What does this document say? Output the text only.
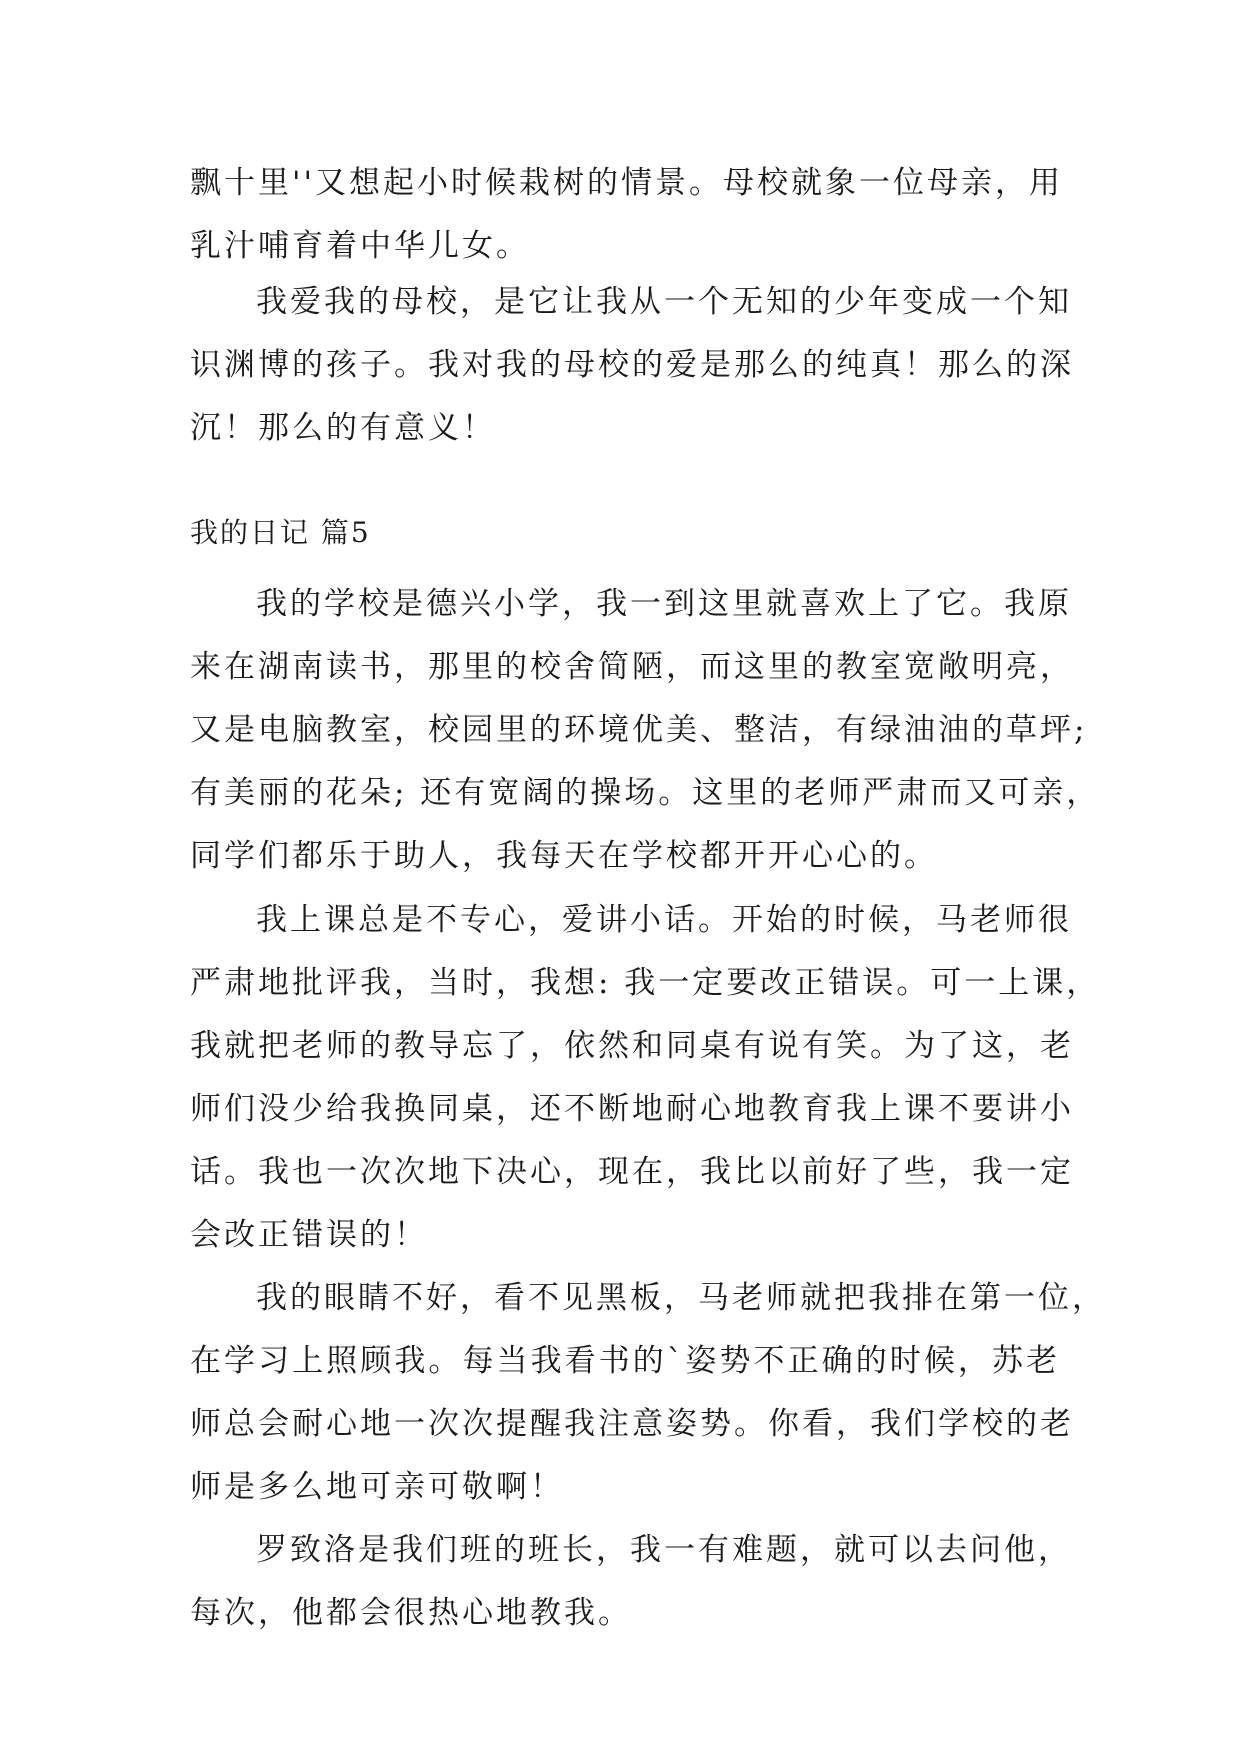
飘十里''又想起小时候栽树的情景。母校就象一位母亲，用
乳汁哺育着中华儿女。
我爱我的母校，是它让我从一个无知的少年变成一个知
识渊博的孩子。我对我的母校的爱是那么的纯真！那么的深
沉！那么的有意义！
我的日记 篇5
我的学校是德兴小学，我一到这里就喜欢上了它。我原
来在湖南读书，那里的校舍简陋，而这里的教室宽敞明亮，
又是电脑教室，校园里的环境优美、整洁，有绿油油的草坪;
有美丽的花朵; 还有宽阔的操场。这里的老师严肃而又可亲，
同学们都乐于助人，我每天在学校都开开心心的。
我上课总是不专心，爱讲小话。开始的时候，马老师很
严肃地批评我，当时，我想: 我一定要改正错误。可一上课，
我就把老师的教导忘了，依然和同桌有说有笑。为了这，老
师们没少给我换同桌，还不断地耐心地教育我上课不要讲小
话。我也一次次地下决心，现在，我比以前好了些，我一定
会改正错误的！
我的眼睛不好，看不见黑板，马老师就把我排在第一位，
在学习上照顾我。每当我看书的`姿势不正确的时候，苏老
师总会耐心地一次次提醒我注意姿势。你看，我们学校的老
师是多么地可亲可敬啊！
罗致洛是我们班的班长，我一有难题，就可以去问他，
每次，他都会很热心地教我。
